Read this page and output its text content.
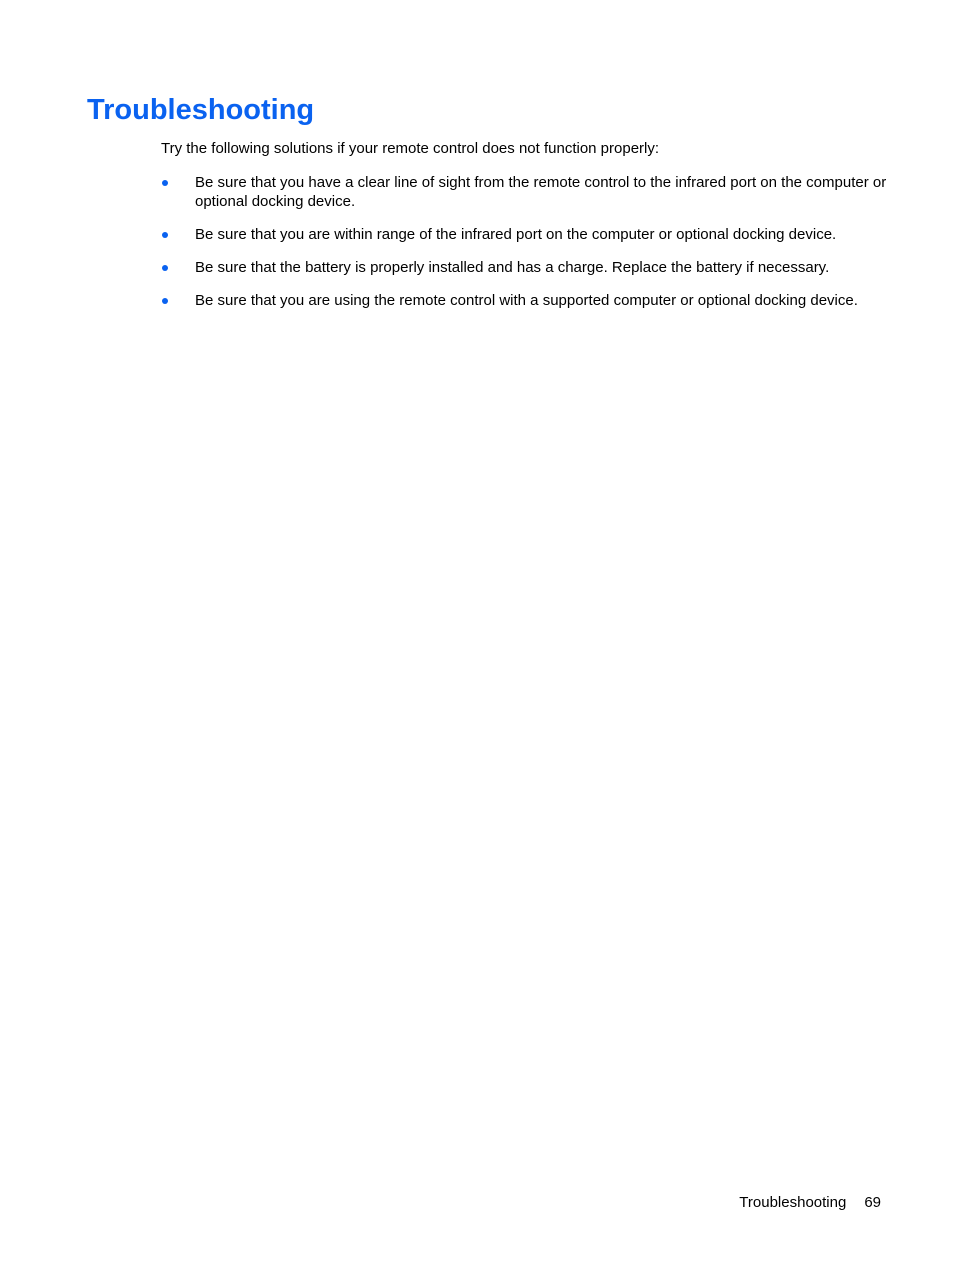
Troubleshooting

Try the following solutions if your remote control does not function properly:

Be sure that you have a clear line of sight from the remote control to the infrared port on the computer or optional docking device.
Be sure that you are within range of the infrared port on the computer or optional docking device.
Be sure that the battery is properly installed and has a charge. Replace the battery if necessary.
Be sure that you are using the remote control with a supported computer or optional docking device.
Troubleshooting 69
